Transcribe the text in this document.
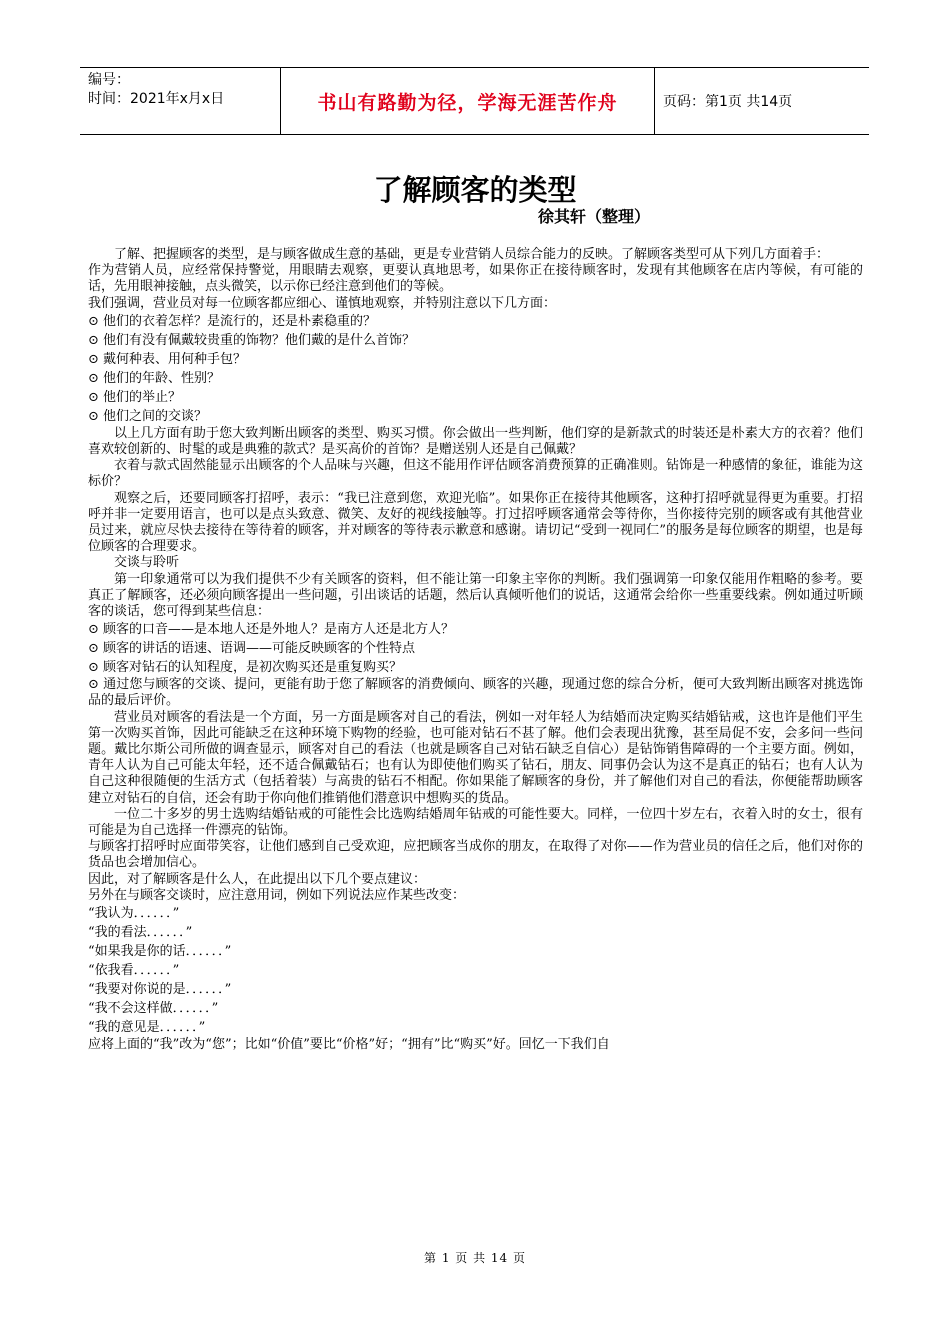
编号：
时间：2021年x月x日	书山有路勤为径，学海无涯苦作舟	页码：第1页 共14页
了解顾客的类型
徐其轩（整理）

了解、把握顾客的类型，是与顾客做成生意的基础，更是专业营销人员综合能力的反映。了解顾客类型可从下列几方面着手：

作为营销人员，应经常保持警觉，用眼睛去观察，更要认真地思考，如果你正在接待顾客时，发现有其他顾客在店内等候，有可能的话，先用眼神接触，点头微笑，以示你已经注意到他们的等候。

我们强调，营业员对每一位顾客都应细心、谨慎地观察，并特别注意以下几方面：

⊙ 他们的衣着怎样？是流行的，还是朴素稳重的？

⊙ 他们有没有佩戴较贵重的饰物？他们戴的是什么首饰？

⊙ 戴何种表、用何种手包？

⊙ 他们的年龄、性别？

⊙ 他们的举止？

⊙ 他们之间的交谈？

以上几方面有助于您大致判断出顾客的类型、购买习惯。你会做出一些判断，他们穿的是新款式的时装还是朴素大方的衣着？他们喜欢较创新的、时髦的或是典雅的款式？是买高价的首饰？是赠送别人还是自己佩戴？

衣着与款式固然能显示出顾客的个人品味与兴趣，但这不能用作评估顾客消费预算的正确准则。钻饰是一种感情的象征，谁能为这标价？

观察之后，还要同顾客打招呼，表示：“我已注意到您，欢迎光临”。如果你正在接待其他顾客，这种打招呼就显得更为重要。打招呼并非一定要用语言，也可以是点头致意、微笑、友好的视线接触等。打过招呼顾客通常会等待你，当你接待完别的顾客或有其他营业员过来，就应尽快去接待在等待着的顾客，并对顾客的等待表示歉意和感谢。请切记“受到一视同仁”的服务是每位顾客的期望，也是每位顾客的合理要求。

交谈与聆听

第一印象通常可以为我们提供不少有关顾客的资料，但不能让第一印象主宰你的判断。我们强调第一印象仅能用作粗略的参考。要真正了解顾客，还必须向顾客提出一些问题，引出谈话的话题，然后认真倾听他们的说话，这通常会给你一些重要线索。例如通过听顾客的谈话，您可得到某些信息：

⊙ 顾客的口音——是本地人还是外地人？是南方人还是北方人？

⊙ 顾客的讲话的语速、语调——可能反映顾客的个性特点

⊙ 顾客对钻石的认知程度，是初次购买还是重复购买？

⊙ 通过您与顾客的交谈、提问，更能有助于您了解顾客的消费倾向、顾客的兴趣，现通过您的综合分析，便可大致判断出顾客对挑选饰品的最后评价。

营业员对顾客的看法是一个方面，另一方面是顾客对自己的看法，例如一对年轻人为结婚而决定购买结婚钻戒，这也许是他们平生第一次购买首饰，因此可能缺乏在这种环境下购物的经验，也可能对钻石不甚了解。他们会表现出犹豫，甚至局促不安，会多问一些问题。戴比尔斯公司所做的调查显示，顾客对自己的看法（也就是顾客自己对钻石缺乏自信心）是钻饰销售障碍的一个主要方面。例如，青年人认为自己可能太年轻，还不适合佩戴钻石；也有认为即使他们购买了钻石，朋友、同事仍会认为这不是真正的钻石；也有人认为自己这种很随便的生活方式（包括着装）与高贵的钻石不相配。你如果能了解顾客的身份，并了解他们对自己的看法，你便能帮助顾客建立对钻石的自信，还会有助于你向他们推销他们潜意识中想购买的货品。

一位二十多岁的男士选购结婚钻戒的可能性会比选购结婚周年钻戒的可能性要大。同样，一位四十岁左右，衣着入时的女士，很有可能是为自己选择一件漂亮的钻饰。

与顾客打招呼时应面带笑容，让他们感到自己受欢迎，应把顾客当成你的朋友，在取得了对你——作为营业员的信任之后，他们对你的货品也会增加信心。

因此，对了解顾客是什么人，在此提出以下几个要点建议：

另外在与顾客交谈时，应注意用词，例如下列说法应作某些改变：

“我认为．．．．．．”

“我的看法．．．．．．”

“如果我是你的话．．．．．．”

“依我看．．．．．．”

“我要对你说的是．．．．．．”

“我不会这样做．．．．．．”

“我的意见是．．．．．．”

应将上面的“我”改为“您”；比如“价值”要比“价格”好；“拥有”比“购买”好。回忆一下我们自

第 1 页 共 14 页
